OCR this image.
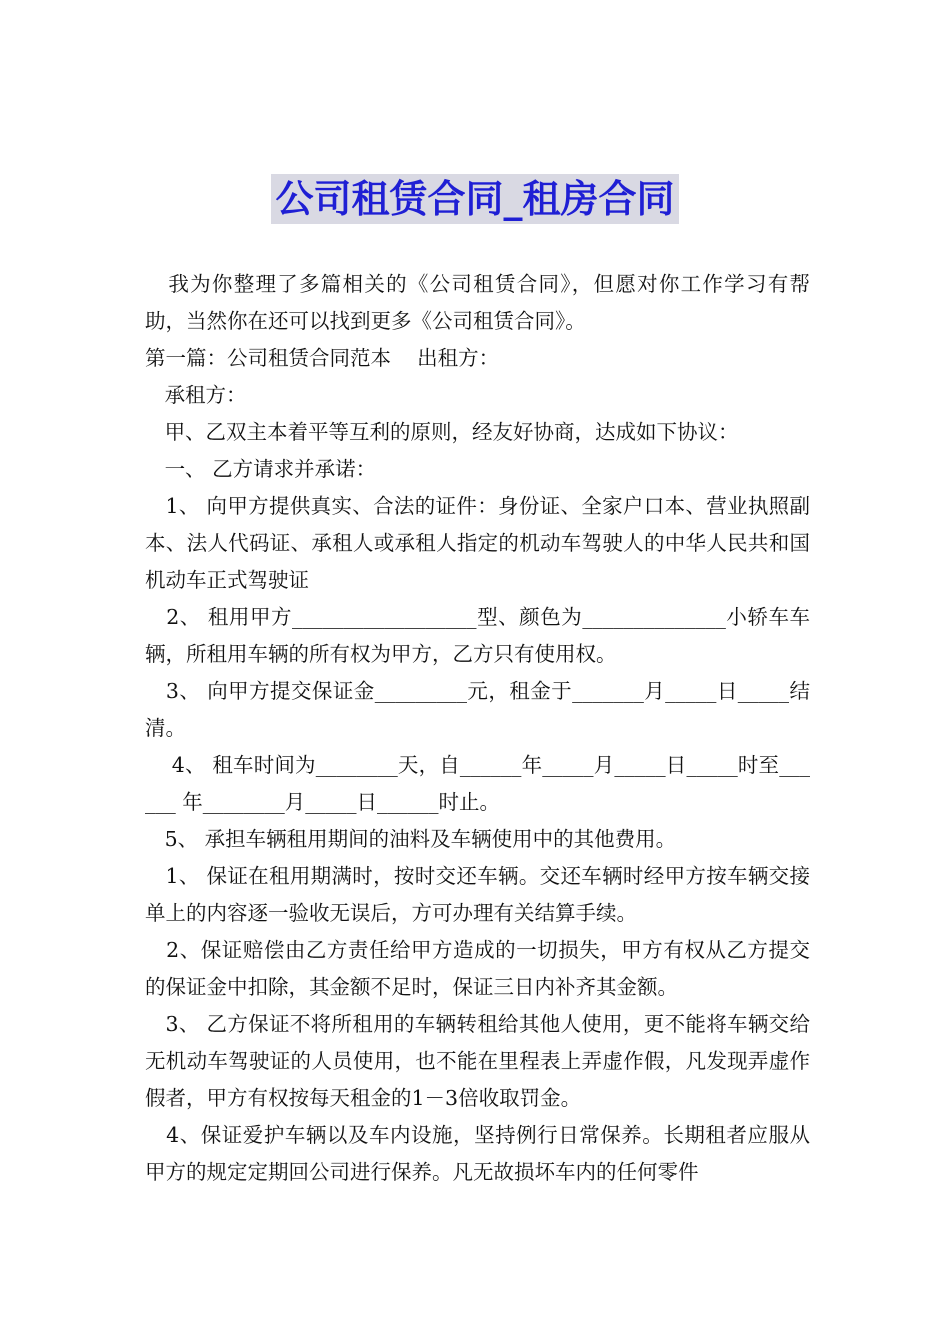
公司租赁合同_租房合同

我为你整理了多篇相关的《公司租赁合同》，但愿对你工作学习有帮助，当然你在还可以找到更多《公司租赁合同》。

第一篇：公司租赁合同范本    出租方：

承租方：

甲、乙双主本着平等互利的原则，经友好协商，达成如下协议：

一、 乙方请求并承诺：

1、 向甲方提供真实、合法的证件：身份证、全家户口本、营业执照副本、法人代码证、承租人或承租人指定的机动车驾驶人的中华人民共和国机动车正式驾驶证

2、 租用甲方__________________型、颜色为______________小轿车车 辆，所租用车辆的所有权为甲方，乙方只有使用权。

3、 向甲方提交保证金_________元，租金于_______月_____日_____结清。

4、 租车时间为________天，自______年_____月_____日_____时至______ 年________月_____日______时止。

5、 承担车辆租用期间的油料及车辆使用中的其他费用。

1、 保证在租用期满时，按时交还车辆。交还车辆时经甲方按车辆交接单上的内容逐一验收无误后，方可办理有关结算手续。

2、保证赔偿由乙方责任给甲方造成的一切损失，甲方有权从乙方提交的保证金中扣除，其金额不足时，保证三日内补齐其金额。

3、 乙方保证不将所租用的车辆转租给其他人使用，更不能将车辆交给无机动车驾驶证的人员使用，也不能在里程表上弄虚作假，凡发现弄虚作假者，甲方有权按每天租金的1－3倍收取罚金。

4、保证爱护车辆以及车内设施，坚持例行日常保养。长期租者应服从甲方的规定定期回公司进行保养。凡无故损坏车内的任何零件
